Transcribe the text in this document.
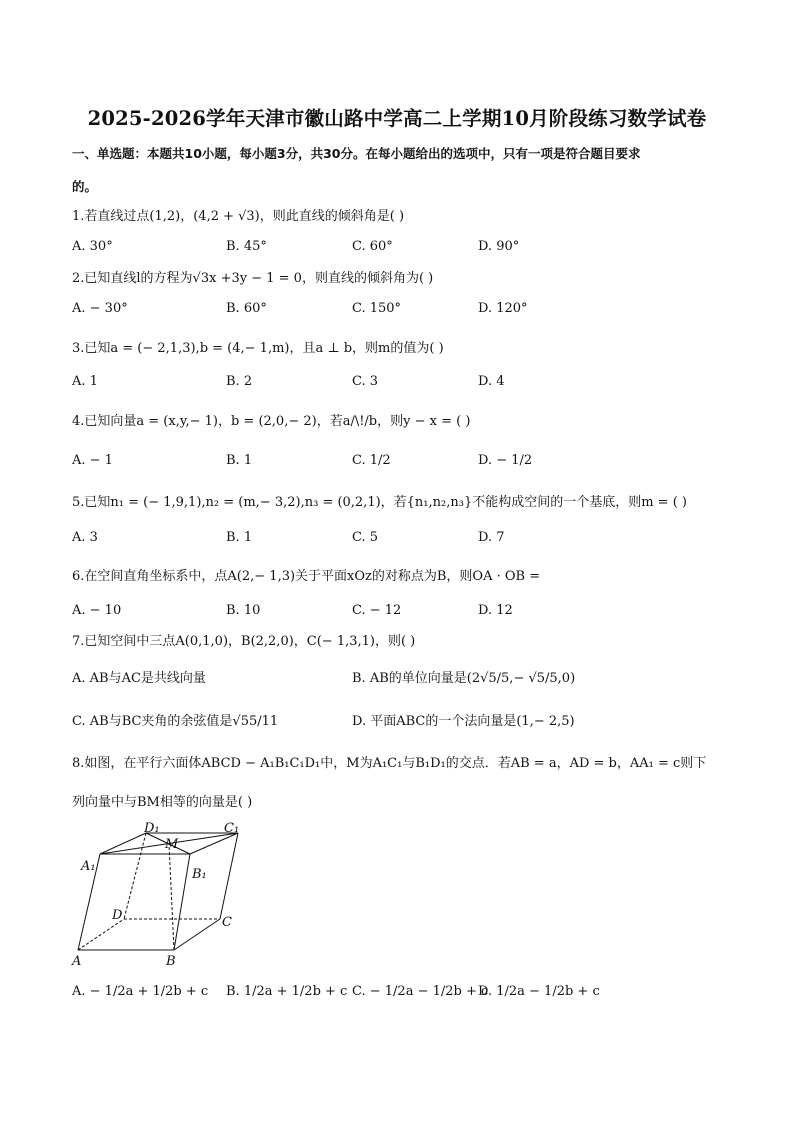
2025-2026学年天津市徽山路中学高二上学期10月阶段练习数学试卷
一、单选题：本题共10小题，每小题3分，共30分。在每小题给出的选项中，只有一项是符合题目要求
的。
1.若直线过点(1,2)，(4,2 + √3)，则此直线的倾斜角是( )
A. 30°	B. 45°	C. 60°	D. 90°
2.已知直线l的方程为√3x +3y − 1 = 0，则直线的倾斜角为( )
A. − 30°	B. 60°	C. 150°	D. 120°
3.已知a = (− 2,1,3),b = (4,− 1,m)，且a ⊥ b，则m的值为( )
A. 1	B. 2	C. 3	D. 4
4.已知向量a = (x,y,− 1)，b = (2,0,− 2)，若a/\!/b，则y − x = ( )
A. − 1	B. 1	C. 1/2	D. − 1/2
5.已知n₁ = (− 1,9,1),n₂ = (m,− 3,2),n₃ = (0,2,1)，若{n₁,n₂,n₃}不能构成空间的一个基底，则m = ( )
A. 3	B. 1	C. 5	D. 7
6.在空间直角坐标系中，点A(2,− 1,3)关于平面xOz的对称点为B，则OA · OB =
A. − 10	B. 10	C. − 12	D. 12
7.已知空间中三点A(0,1,0)，B(2,2,0)，C(− 1,3,1)，则( )
A. AB与AC是共线向量	B. AB的单位向量是(2√5/5,− √5/5,0)
C. AB与BC夹角的余弦值是√55/11	D. 平面ABC的一个法向量是(1,− 2,5)
8.如图，在平行六面体ABCD − A₁B₁C₁D₁中，M为A₁C₁与B₁D₁的交点．若AB = a，AD = b，AA₁ = c则下
列向量中与BM相等的向量是( )
D₁	C₁
M
A₁
B₁
D	C
A	B
A. − 1/2a + 1/2b + c B. 1/2a + 1/2b + c C. − 1/2a − 1/2b + c
D. 1/2a − 1/2b + c
